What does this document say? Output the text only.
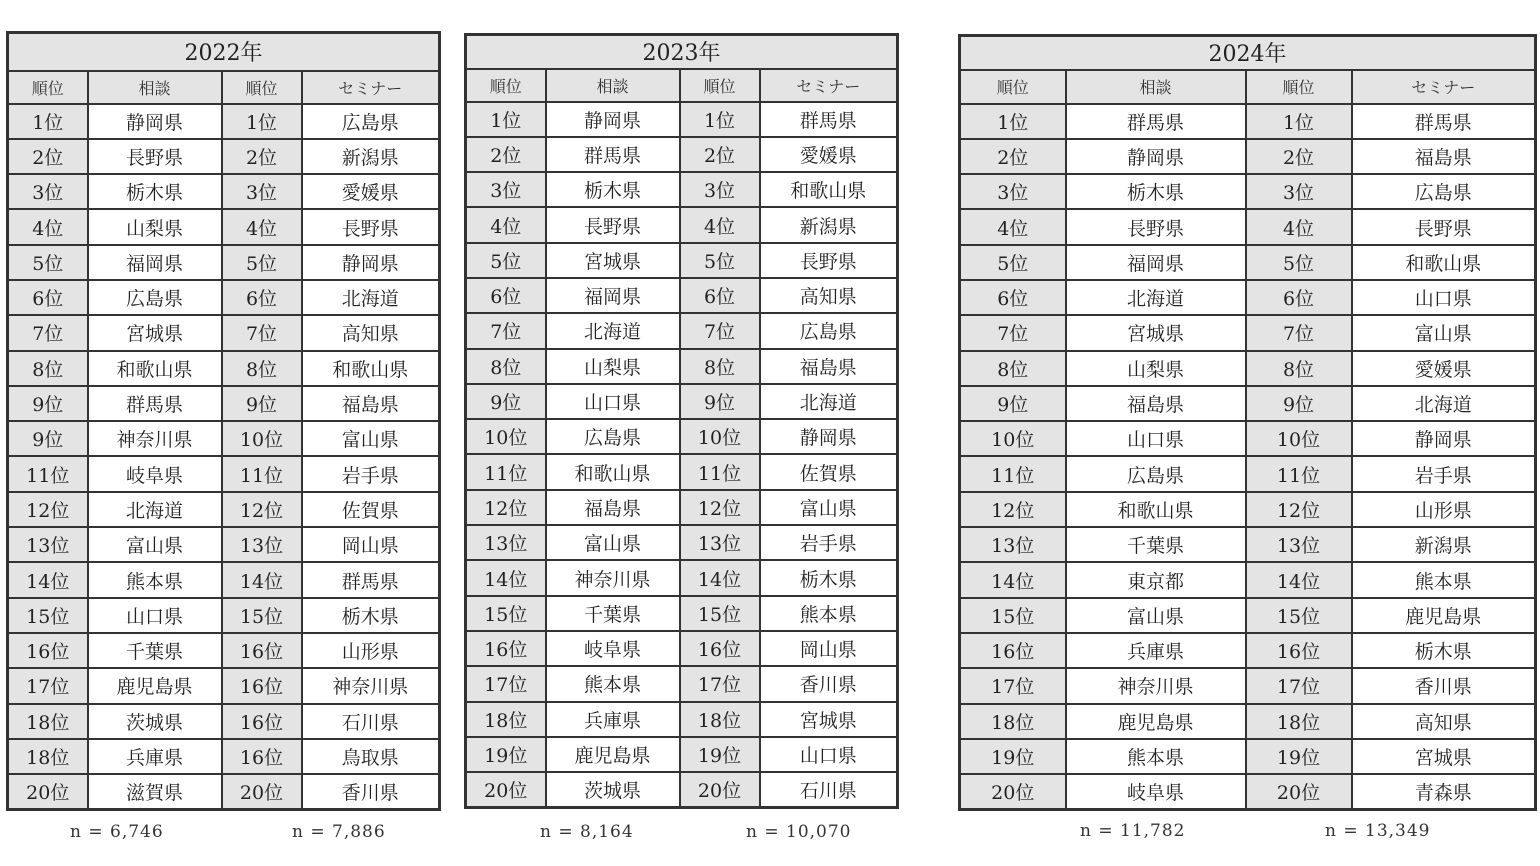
2022年			
順位	相談	順位	セミナー
1位	静岡県	1位	広島県
2位	長野県	2位	新潟県
3位	栃木県	3位	愛媛県
4位	山梨県	4位	長野県
5位	福岡県	5位	静岡県
6位	広島県	6位	北海道
7位	宮城県	7位	高知県
8位	和歌山県	8位	和歌山県
9位	群馬県	9位	福島県
9位	神奈川県	10位	富山県
11位	岐阜県	11位	岩手県
12位	北海道	12位	佐賀県
13位	富山県	13位	岡山県
14位	熊本県	14位	群馬県
15位	山口県	15位	栃木県
16位	千葉県	16位	山形県
17位	鹿児島県	16位	神奈川県
18位	茨城県	16位	石川県
18位	兵庫県	16位	鳥取県
20位	滋賀県	20位	香川県
n = 6,746	n = 7,886
2023年			
順位	相談	順位	セミナー
1位	静岡県	1位	群馬県
2位	群馬県	2位	愛媛県
3位	栃木県	3位	和歌山県
4位	長野県	4位	新潟県
5位	宮城県	5位	長野県
6位	福岡県	6位	高知県
7位	北海道	7位	広島県
8位	山梨県	8位	福島県
9位	山口県	9位	北海道
10位	広島県	10位	静岡県
11位	和歌山県	11位	佐賀県
12位	福島県	12位	富山県
13位	富山県	13位	岩手県
14位	神奈川県	14位	栃木県
15位	千葉県	15位	熊本県
16位	岐阜県	16位	岡山県
17位	熊本県	17位	香川県
18位	兵庫県	18位	宮城県
19位	鹿児島県	19位	山口県
20位	茨城県	20位	石川県
n = 8,164	n = 10,070
2024年			
順位	相談	順位	セミナー
1位	群馬県	1位	群馬県
2位	静岡県	2位	福島県
3位	栃木県	3位	広島県
4位	長野県	4位	長野県
5位	福岡県	5位	和歌山県
6位	北海道	6位	山口県
7位	宮城県	7位	富山県
8位	山梨県	8位	愛媛県
9位	福島県	9位	北海道
10位	山口県	10位	静岡県
11位	広島県	11位	岩手県
12位	和歌山県	12位	山形県
13位	千葉県	13位	新潟県
14位	東京都	14位	熊本県
15位	富山県	15位	鹿児島県
16位	兵庫県	16位	栃木県
17位	神奈川県	17位	香川県
18位	鹿児島県	18位	高知県
19位	熊本県	19位	宮城県
20位	岐阜県	20位	青森県
n = 11,782	n = 13,349
